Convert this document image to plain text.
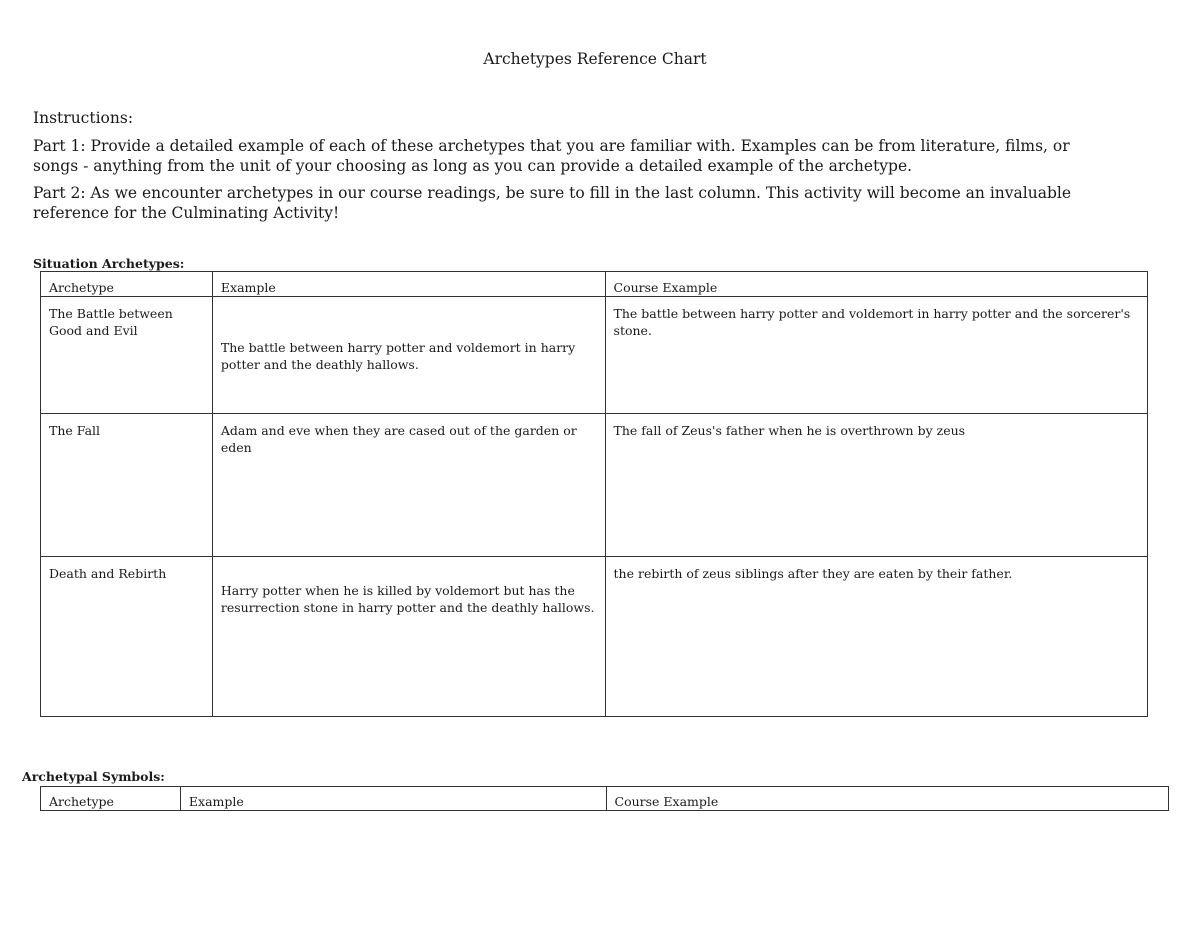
Archetypes Reference Chart
Instructions:
Part 1: Provide a detailed example of each of these archetypes that you are familiar with. Examples can be from literature, films, or songs - anything from the unit of your choosing as long as you can provide a detailed example of the archetype.
Part 2: As we encounter archetypes in our course readings, be sure to fill in the last column. This activity will become an invaluable reference for the Culminating Activity!
Situation Archetypes:
Archetype	Example	Course Example
The Battle between Good and Evil	The battle between harry potter and voldemort in harry potter and the deathly hallows.	The battle between harry potter and voldemort in harry potter and the sorcerer's stone.
The Fall	Adam and eve when they are cased out of the garden or eden	The fall of Zeus's father when he is overthrown by zeus
Death and Rebirth	Harry potter when he is killed by voldemort but has the resurrection stone in harry potter and the deathly hallows.	the rebirth of zeus siblings after they are eaten by their father.
Archetypal Symbols:
Archetype	Example	Course Example
